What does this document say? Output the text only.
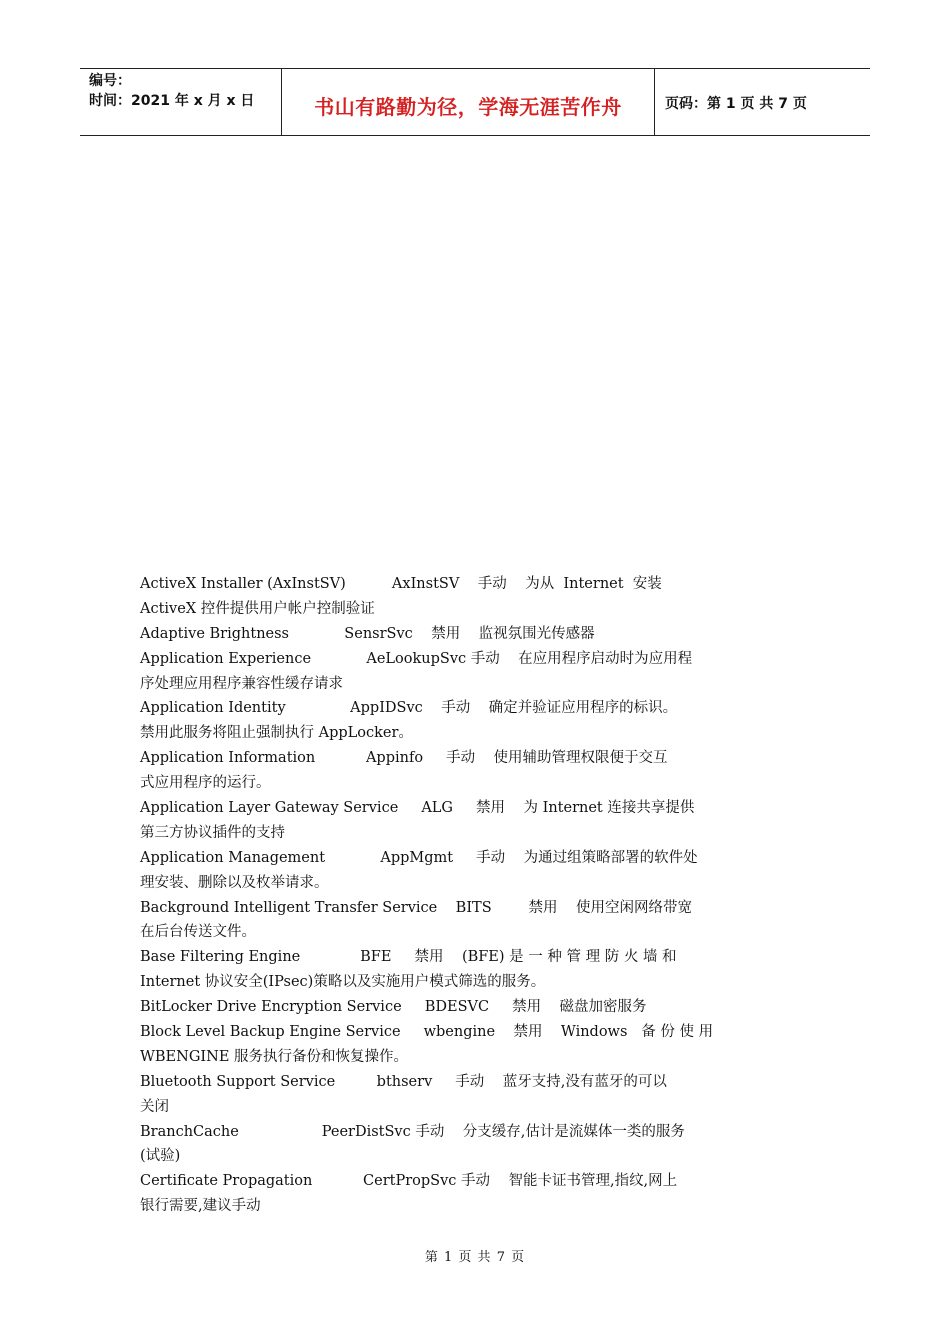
编号：
时间：2021 年 x 月 x 日	书山有路勤为径，学海无涯苦作舟	页码：第 1 页 共 7 页
ActiveX Installer (AxInstSV)          AxInstSV    手动    为从  Internet  安装
ActiveX 控件提供用户帐户控制验证
Adaptive Brightness            SensrSvc    禁用    监视氛围光传感器
Application Experience            AeLookupSvc 手动    在应用程序启动时为应用程
序处理应用程序兼容性缓存请求
Application Identity              AppIDSvc    手动    确定并验证应用程序的标识。
禁用此服务将阻止强制执行 AppLocker。
Application Information           Appinfo     手动    使用辅助管理权限便于交互
式应用程序的运行。
Application Layer Gateway Service     ALG     禁用    为 Internet 连接共享提供
第三方协议插件的支持
Application Management            AppMgmt     手动    为通过组策略部署的软件处
理安装、删除以及枚举请求。
Background Intelligent Transfer Service    BITS        禁用    使用空闲网络带宽
在后台传送文件。
Base Filtering Engine             BFE     禁用    (BFE) 是 一 种 管 理 防 火 墙 和
Internet 协议安全(IPsec)策略以及实施用户模式筛选的服务。
BitLocker Drive Encryption Service     BDESVC     禁用    磁盘加密服务
Block Level Backup Engine Service     wbengine    禁用    Windows   备 份 使 用
WBENGINE 服务执行备份和恢复操作。
Bluetooth Support Service         bthserv     手动    蓝牙支持,没有蓝牙的可以
关闭
BranchCache                  PeerDistSvc 手动    分支缓存,估计是流媒体一类的服务
(试验)
Certificate Propagation           CertPropSvc 手动    智能卡证书管理,指纹,网上
银行需要,建议手动
第 1 页 共 7 页
